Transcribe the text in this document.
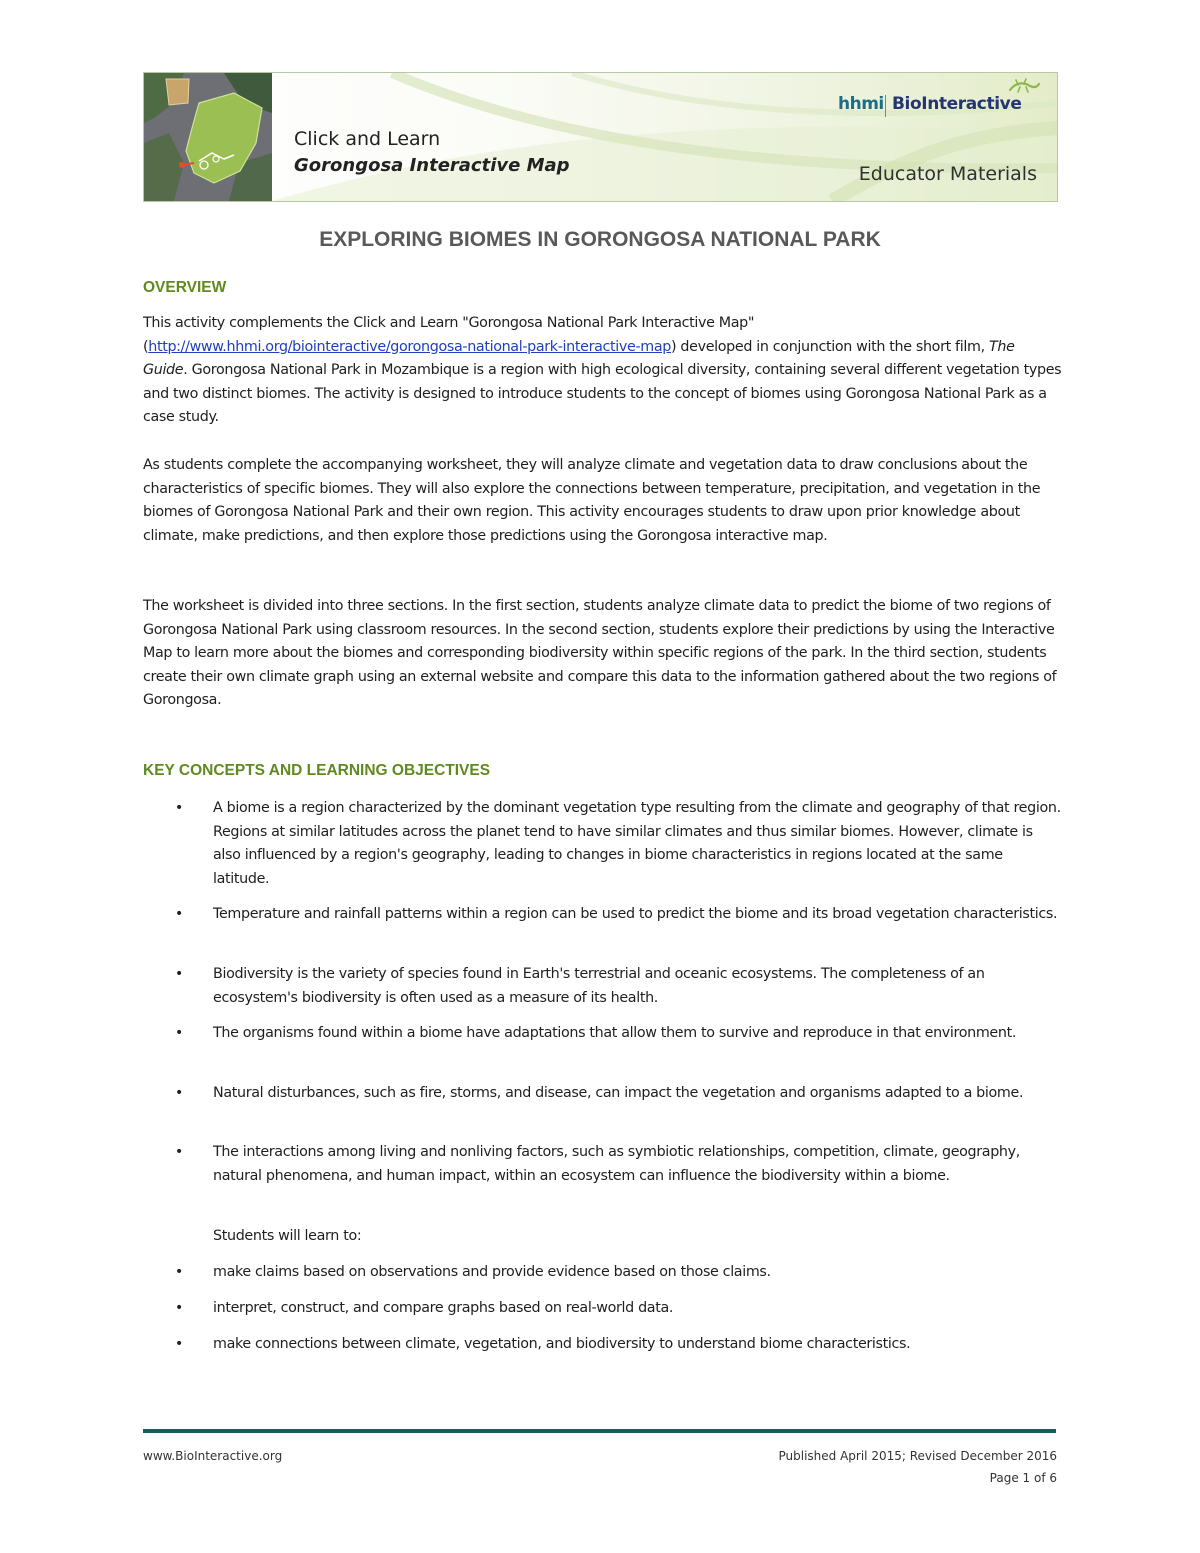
Click and Learn
Gorongosa Interactive Map
hhmi BioInteractive
Educator Materials
EXPLORING BIOMES IN GORONGOSA NATIONAL PARK
OVERVIEW

This activity complements the Click and Learn "Gorongosa National Park Interactive Map" (http://www.hhmi.org/biointeractive/gorongosa-national-park-interactive-map) developed in conjunction with the short film, The Guide. Gorongosa National Park in Mozambique is a region with high ecological diversity, containing several different vegetation types and two distinct biomes. The activity is designed to introduce students to the concept of biomes using Gorongosa National Park as a case study.

As students complete the accompanying worksheet, they will analyze climate and vegetation data to draw conclusions about the characteristics of specific biomes. They will also explore the connections between temperature, precipitation, and vegetation in the biomes of Gorongosa National Park and their own region. This activity encourages students to draw upon prior knowledge about climate, make predictions, and then explore those predictions using the Gorongosa interactive map.

The worksheet is divided into three sections. In the first section, students analyze climate data to predict the biome of two regions of Gorongosa National Park using classroom resources. In the second section, students explore their predictions by using the Interactive Map to learn more about the biomes and corresponding biodiversity within specific regions of the park. In the third section, students create their own climate graph using an external website and compare this data to the information gathered about the two regions of Gorongosa.

KEY CONCEPTS AND LEARNING OBJECTIVES
•	A biome is a region characterized by the dominant vegetation type resulting from the climate and geography of that region. Regions at similar latitudes across the planet tend to have similar climates and thus similar biomes. However, climate is also influenced by a region's geography, leading to changes in biome characteristics in regions located at the same latitude.

•	Temperature and rainfall patterns within a region can be used to predict the biome and its broad vegetation characteristics.

•	Biodiversity is the variety of species found in Earth's terrestrial and oceanic ecosystems. The completeness of an ecosystem's biodiversity is often used as a measure of its health.

•	The organisms found within a biome have adaptations that allow them to survive and reproduce in that environment.

•	Natural disturbances, such as fire, storms, and disease, can impact the vegetation and organisms adapted to a biome.

•	The interactions among living and nonliving factors, such as symbiotic relationships, competition, climate, geography, natural phenomena, and human impact, within an ecosystem can influence the biodiversity within a biome.

Students will learn to:

•	make claims based on observations and provide evidence based on those claims.

•	interpret, construct, and compare graphs based on real-world data.

•	make connections between climate, vegetation, and biodiversity to understand biome characteristics.

www.BioInteractive.org	Published April 2015; Revised December 2016
Page 1 of 6
